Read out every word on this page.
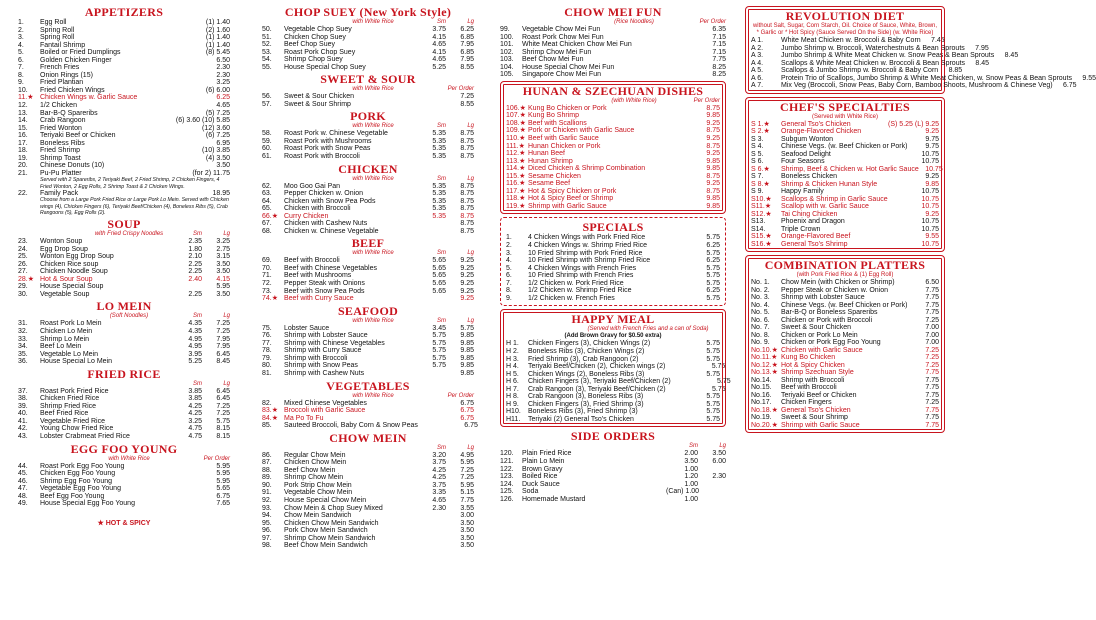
APPETIZERS
1.	Egg Roll	(1) 1.40
2.	Spring Roll	(2) 1.60
3.	Spring Roll	(1) 1.40
4.	Fantail Shrimp	(1) 1.40
5.	Boiled or Fried Dumplings	(8) 5.45
6.	Golden Chicken Finger	6.50
7.	French Fries	2.30
8.	Onion Rings (15)	2.30
9.	Fried Plantian	3.25
10.	Fried Chicken Wings	(6) 6.00
11.★ Chicken Wings w. Garlic Sauce	6.25
12.	1/2 Chicken	4.65
13.	Bar-B-Q Spareribs	(5) 7.25
14.	Crab Rangoon	(6) 3.60 (10) 5.85
15.	Fried Wonton	(12) 3.60
16.	Teriyaki Beef or Chicken	(6) 7.25
17.	Boneless Ribs	6.95
18.	Fried Shrimp	(10) 3.85
19.	Shrimp Toast	(4) 3.50
20.	Chinese Donuts (10)	3.50
21.	Pu-Pu Platter	(for 2) 11.75
Served with 2 Spareribs, 2 Teriyaki Beef, 2 Fried Shrimp, 2 Chicken Fingers, 4 Fried Wonton, 2 Egg Rolls, 2 Shrimp Toast & 2 Chicken Wings.
22.	Family Pack	18.95
Choose from a Large Pork Fried Rice or Large Pork Lo Mein. Served with Chicken wings (4), Chicken Fingers (6), Teriyaki Beef/Chicken (4), Boneless Ribs (5), Crab Rangoons (5), Egg Rolls (2).
SOUP
with Fried Crispy Noodles	Sm	Lg
23.	Wonton Soup	2.35	3.25
24.	Egg Drop Soup	1.80	2.75
25.	Wonton Egg Drop Soup	2.10	3.15
26.	Chicken Rice soup	2.25	3.50
27.	Chicken Noodle Soup	2.25	3.50
28.★ Hot & Sour Soup	2.40	4.15
29.	House Special Soup	5.95
30.	Vegetable Soup	2.25	3.50
LO MEIN
(Soft Noodles)	Sm	Lg
31.	Roast Pork Lo Mein	4.35	7.25
32.	Chicken Lo Mein	4.35	7.25
33.	Shrimp Lo Mein	4.95	7.95
34.	Beef Lo Mein	4.95	7.95
35.	Vegetable Lo Mein	3.95	6.45
36.	House Special Lo Mein	5.25	8.45
FRIED RICE
Sm	Lg
37.	Roast Pork Fried Rice	3.85	6.45
38.	Chicken Fried Rice	3.85	6.45
39.	Shrimp Fried Rice	4.25	7.25
40.	Beef Fried Rice	4.25	7.25
41.	Vegetable Fried Rice	3.25	5.75
42.	Young Chow Fried Rice	4.75	8.15
43.	Lobster Crabmeat Fried Rice	4.75	8.15
EGG FOO YOUNG
with White Rice	Per Order
44.	Roast Pork Egg Foo Young	5.95
45.	Chicken Egg Foo Young	5.95
46.	Shrimp Egg Foo Young	5.95
47.	Vegetable Egg Foo Young	5.65
48.	Beef Egg Foo Young	6.75
49.	House Special Egg Foo Young	7.65
★ HOT & SPICY
CHOP SUEY (New York Style)
with White Rice	Sm	Lg
50.	Vegetable Chop Suey	3.75	6.25
51.	Chicken Chop Suey	4.15	6.85
52.	Beef Chop Suey	4.65	7.95
53.	Roast Pork Chop Suey	4.15	6.85
54.	Shrimp Chop Suey	4.65	7.95
55.	House Special Chop Suey	5.25	8.55
SWEET & SOUR
with White Rice	Per Order
56.	Sweet & Sour Chicken	7.25
57.	Sweet & Sour Shrimp	8.55
PORK
with White Rice	Sm	Lg
58.	Roast Pork w. Chinese Vegetable	5.35	8.75
59.	Roast Pork with Mushrooms	5.35	8.75
60.	Roast Pork with Snow Peas	5.35	8.75
61.	Roast Pork with Broccoli	5.35	8.75
CHICKEN
with White Rice	Sm	Lg
62.	Moo Goo Gai Pan	5.35	8.75
63.	Pepper Chicken w. Onion	5.35	8.75
64.	Chicken with Snow Pea Pods	5.35	8.75
65.	Chicken with Broccoli	5.35	8.75
66.★ Curry Chicken	5.35	8.75
67.	Chicken with Cashew Nuts	8.75
68.	Chicken w. Chinese Vegetable	8.75
BEEF
with White Rice	Sm	Lg
69.	Beef with Broccoli	5.65	9.25
70.	Beef with Chinese Vegetables	5.65	9.25
71.	Beef with Mushrooms	5.65	9.25
72.	Pepper Steak with Onions	5.65	9.25
73.	Beef with Snow Pea Pods	5.65	9.25
74.★ Beef with Curry Sauce	9.25
SEAFOOD
with White Rice	Sm	Lg
75.	Lobster Sauce	3.45	5.75
76.	Shrimp with Lobster Sauce	5.75	9.85
77.	Shrimp with Chinese Vegetables	5.75	9.85
78.	Shrimp with Curry Sauce	5.75	9.85
79.	Shrimp with Broccoli	5.75	9.85
80.	Shrimp with Snow Peas	5.75	9.85
81.	Shrimp with Cashew Nuts	9.85
VEGETABLES
with White Rice	Per Order
82.	Mixed Chinese Vegetables	6.75
83.★ Broccoli with Garlic Sauce	6.75
84.★ Ma Po To Fu	6.75
85.	Sauteed Broccoli, Baby Corn & Snow Peas	6.75
CHOW MEIN
Sm	Lg
86.	Regular Chow Mein	3.20	4.95
87.	Chicken Chow Mein	3.75	5.95
88.	Beef Chow Mein	4.25	7.25
89.	Shrimp Chow Mein	4.25	7.25
90.	Pork Strip Chow Mein	3.75	5.95
91.	Vegetable Chow Mein	3.35	5.15
92.	House Special Chow Mein	4.65	7.75
93.	Chow Mein & Chop Suey Mixed	2.30	3.55
94.	Chow Mein Sandwich	3.00
95.	Chicken Chow Mein Sandwich	3.50
96.	Pork Chow Mein Sandwich	3.50
97.	Shrimp Chow Mein Sandwich	3.50
98.	Beef Chow Mein Sandwich	3.50
CHOW MEI FUN
(Rice Noodles)	Per Order
99.	Vegetable Chow Mei Fun	6.35
100.	Roast Pork Chow Mei Fun	7.15
101.	White Meat Chicken Chow Mei Fun	7.15
102.	Shrimp Chow Mei Fun	7.15
103.	Beef Chow Mei Fun	7.75
104.	House Special Chow Mei Fun	8.25
105.	Singapore Chow Mei Fun	8.25
HUNAN & SZECHUAN DISHES
(with White Rice)	Per Order
106.★ Kung Bo Chicken or Pork	8.75
107.★ Kung Bo Shrimp	9.85
108.★ Beef with Scallions	9.25
109.★ Pork or Chicken with Garlic Sauce	8.75
110.★ Beef with Garlic Sauce	9.25
111.★ Hunan Chicken or Pork	8.75
112.★ Hunan Beef	9.25
113.★ Hunan Shrimp	9.85
114.★ Diced Chicken & Shrimp Combination	9.85
115.★ Sesame Chicken	8.75
116.★ Sesame Beef	9.25
117.★ Hot & Spicy Chicken or Pork	8.75
118.★ Hot & Spicy Beef or Shrimp	9.85
119.★ Shrimp with Garlic Sauce	9.85
SPECIALS
1.	4 Chicken Wings with Pork Fried Rice	5.75
2.	4 Chicken Wings w. Shrimp Fried Rice	6.25
3.	10 Fried Shrimp with Pork Fried Rice	5.75
4.	10 Fried Shrimp with Shrimp Fried Rice	6.25
5.	4 Chicken Wings with French Fries	5.75
6.	10 Fried Shrimp with French Fries	5.75
7.	1/2 Chicken w. Pork Fried Rice	5.75
8.	1/2 Chicken w. Shrimp Fried Rice	6.25
9.	1/2 Chicken w. French Fries	5.75
HAPPY MEAL
(Served with French Fries and a can of Soda)
(Add Brown Gravy for $0.50 extra)
H 1.	Chicken Fingers (3), Chicken Wings (2)	5.75
H 2.	Boneless Ribs (3), Chicken Wings (2)	5.75
H 3.	Fried Shrimp (3), Crab Rangoon (2)	5.75
H 4.	Teriyaki Beef/Chicken (2), Chicken wings (2)	5.75
H 5.	Chicken Wings (2), Boneless Ribs (3)	5.75
H 6.	Chicken Fingers (3), Teriyaki Beef/Chicken (2)	5.75
H 7.	Crab Rangoon (3), Teriyaki Beef/Chicken (2)	5.75
H 8.	Crab Rangoon (3), Boneless Ribs (3)	5.75
H 9.	Chicken Fingers (3), Fried Shrimp (3)	5.75
H10.	Boneless Ribs (3), Fried Shrimp (3)	5.75
H11.	Teriyaki (2) General Tso's Chicken	5.75
SIDE ORDERS
Sm	Lg
120.	Plain Fried Rice	2.00	3.50
121.	Plain Lo Mein	3.50	6.00
122.	Brown Gravy	1.00
123.	Boiled Rice	1.20	2.30
124.	Duck Sauce	1.00
125.	Soda	(Can) 1.00
126.	Homemade Mustard	1.00
REVOLUTION DIET
without Salt, Sugar, Corn Starch, Oil. Choice of Sauce, White, Brown, * Garlic or * Hot Spicy (Sauce Served On the Side) (w. White Rice)
A 1.	White Meat Chicken w. Broccoli & Baby Corn	7.45
A 2.	Jumbo Shrimp w. Broccoli, Waterchestnuts & Bean Sprouts	7.95
A 3.	Jumbo Shrimp & White Meat Chicken w. Snow Peas & Bean Sprouts	8.45
A 4.	Scallops & White Meat Chicken w. Broccoli & Bean Sprouts	8.45
A 5.	Scallops & Jumbo Shrimp w. Broccoli & Baby Corn	8.85
A 6.	Protein Trio of Scallops, Jumbo Shrimp & White Meat Chicken, w. Snow Peas & Bean Sprouts	9.55
A 7.	Mix Veg (Broccoli, Snow Peas, Baby Corn, Bamboo Shoots, Mushroom & Chinese Veg)	6.75
CHEF'S SPECIALTIES
(Served with White Rice)
S 1.★	General Tso's Chicken	(S) 5.25 (L) 9.25
S 2.★	Orange-Flavored Chicken	9.25
S 3.	Subgum Wonton	9.75
S 4.	Chinese Vegs. (w. Beef Chicken or Pork)	9.75
S 5.	Seafood Delight	10.75
S 6.	Four Seasons	10.75
S 6.★	Shrimp, Beef & Chicken w. Hot Garlic Sauce 10.75
S 7.	Boneless Chicken	9.25
S 8.★	Shrimp & Chicken Hunan Style	9.85
S 9.	Happy Family	10.75
S10.★	Scallops & Shrimp in Garlic Sauce	10.75
S11.★	Scallop with w. Garlic Sauce	10.75
S12.★	Tai Ching Chicken	9.25
S13.	Phoenix and Dragon	10.75
S14.	Triple Crown	10.75
S15.★	Orange-Flavored Beef	9.55
S16.★	General Tso's Shrimp	10.75
COMBINATION PLATTERS
(with Pork Fried Rice & (1) Egg Roll)
No. 1.	Chow Mein (with Chicken or Shrimp)	6.50
No. 2.	Pepper Steak or Chicken w. Onion	7.75
No. 3.	Shrimp with Lobster Sauce	7.75
No. 4.	Chinese Vegs. (w. Beef Chicken or Pork)	7.75
No. 5.	Bar-B-Q or Boneless Spareribs	7.75
No. 6.	Chicken or Pork with Broccoli	7.25
No. 7.	Sweet & Sour Chicken	7.00
No. 8.	Chicken or Pork Lo Mein	7.00
No. 9.	Chicken or Pork Egg Foo Young	7.00
No.10.★ Chicken with Garlic Sauce	7.25
No.11.★ Kung Bo Chicken	7.25
No.12.★ Hot & Spicy Chicken	7.25
No.13.★ Shrimp Szechuan Style	7.75
No.14.	Shrimp with Broccoli	7.75
No.15.	Beef with Broccoli	7.75
No.16.	Teriyaki Beef or Chicken	7.75
No.17.	Chicken Fingers	7.25
No.18.★ General Tso's Chicken	7.75
No.19.	Sweet & Sour Shrimp	7.75
No.20.★ Shrimp with Garlic Sauce	7.75
